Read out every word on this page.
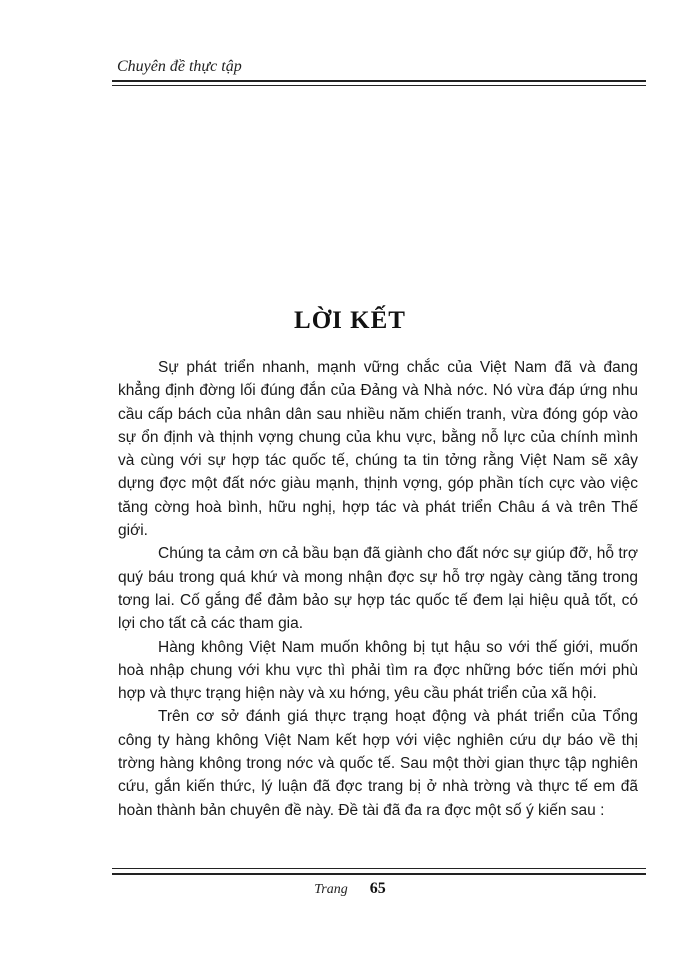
Chuyên đề thực tập
LỜI KẾT

Sự phát triển nhanh, mạnh vững chắc của Việt Nam đã và đang khẳng định đờng lối đúng đắn của Đảng và Nhà nớc. Nó vừa đáp ứng nhu cầu cấp bách của nhân dân sau nhiều năm chiến tranh, vừa đóng góp vào sự ổn định và thịnh vợng chung của khu vực, bằng nỗ lực của chính mình và cùng với sự hợp tác quốc tế, chúng ta tin tởng rằng Việt Nam sẽ xây dựng đợc một đất nớc giàu mạnh, thịnh vợng, góp phần tích cực vào việc tăng cờng hoà bình, hữu nghị, hợp tác và phát triển Châu á và trên Thế giới.

Chúng ta cảm ơn cả bầu bạn đã giành cho đất nớc sự giúp đỡ, hỗ trợ quý báu trong quá khứ và mong nhận đợc sự hỗ trợ ngày càng tăng trong tơng lai. Cố gắng để đảm bảo sự hợp tác quốc tế đem lại hiệu quả tốt, có lợi cho tất cả các tham gia.

Hàng không Việt Nam muốn không bị tụt hậu so với thế giới, muốn hoà nhập chung với khu vực thì phải tìm ra đợc những bớc tiến mới phù hợp và thực trạng hiện này và xu hớng, yêu cầu phát triển của xã hội.

Trên cơ sở đánh giá thực trạng hoạt động và phát triển của Tổng công ty hàng không Việt Nam kết hợp với việc nghiên cứu dự báo về thị trờng hàng không trong nớc và quốc tế. Sau một thời gian thực tập nghiên cứu, gắn kiến thức, lý luận đã đợc trang bị ở nhà trờng và thực tế em đã hoàn thành bản chuyên đề này. Đề tài đã đa ra đợc một số ý kiến sau :

Trang 65
